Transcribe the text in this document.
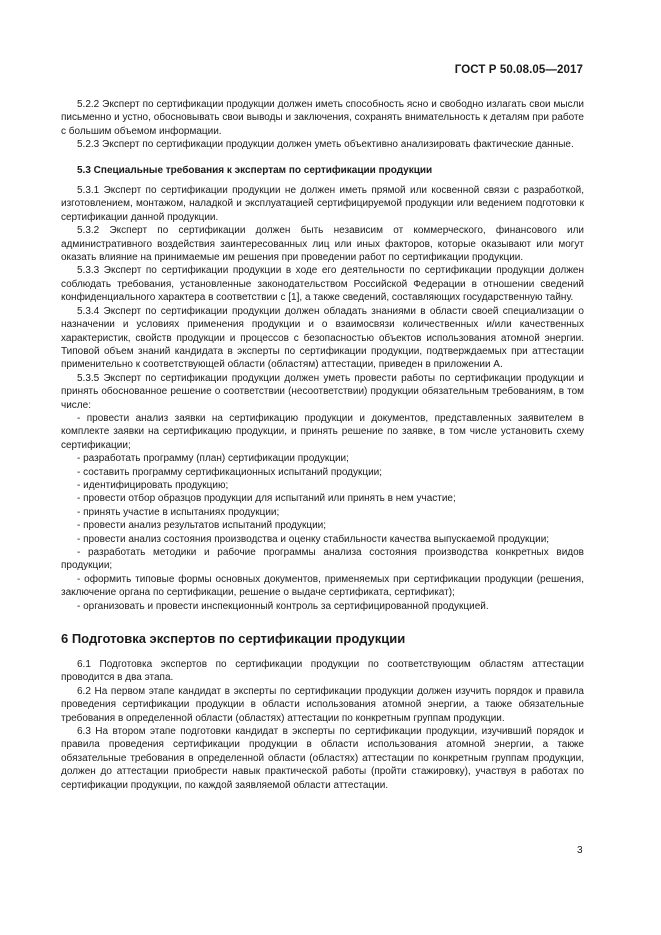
ГОСТ Р 50.08.05—2017

5.2.2 Эксперт по сертификации продукции должен иметь способность ясно и свободно излагать свои мысли письменно и устно, обосновывать свои выводы и заключения, сохранять внимательность к деталям при работе с большим объемом информации.

5.2.3 Эксперт по сертификации продукции должен уметь объективно анализировать фактические данные.

5.3 Специальные требования к экспертам по сертификации продукции

5.3.1 Эксперт по сертификации продукции не должен иметь прямой или косвенной связи с разработкой, изготовлением, монтажом, наладкой и эксплуатацией сертифицируемой продукции или ведением подготовки к сертификации данной продукции.

5.3.2 Эксперт по сертификации должен быть независим от коммерческого, финансового или административного воздействия заинтересованных лиц или иных факторов, которые оказывают или могут оказать влияние на принимаемые им решения при проведении работ по сертификации продукции.

5.3.3 Эксперт по сертификации продукции в ходе его деятельности по сертификации продукции должен соблюдать требования, установленные законодательством Российской Федерации в отношении сведений конфиденциального характера в соответствии с [1], а также сведений, составляющих государственную тайну.

5.3.4 Эксперт по сертификации продукции должен обладать знаниями в области своей специализации о назначении и условиях применения продукции и о взаимосвязи количественных и/или качественных характеристик, свойств продукции и процессов с безопасностью объектов использования атомной энергии. Типовой объем знаний кандидата в эксперты по сертификации продукции, подтверждаемых при аттестации применительно к соответствующей области (областям) аттестации, приведен в приложении А.

5.3.5 Эксперт по сертификации продукции должен уметь провести работы по сертификации продукции и принять обоснованное решение о соответствии (несоответствии) продукции обязательным требованиям, в том числе:

- провести анализ заявки на сертификацию продукции и документов, представленных заявителем в комплекте заявки на сертификацию продукции, и принять решение по заявке, в том числе установить схему сертификации;

- разработать программу (план) сертификации продукции;

- составить программу сертификационных испытаний продукции;

- идентифицировать продукцию;

- провести отбор образцов продукции для испытаний или принять в нем участие;

- принять участие в испытаниях продукции;

- провести анализ результатов испытаний продукции;

- провести анализ состояния производства и оценку стабильности качества выпускаемой продукции;

- разработать методики и рабочие программы анализа состояния производства конкретных видов продукции;

- оформить типовые формы основных документов, применяемых при сертификации продукции (решения, заключение органа по сертификации, решение о выдаче сертификата, сертификат);

- организовать и провести инспекционный контроль за сертифицированной продукцией.

6 Подготовка экспертов по сертификации продукции

6.1 Подготовка экспертов по сертификации продукции по соответствующим областям аттестации проводится в два этапа.

6.2 На первом этапе кандидат в эксперты по сертификации продукции должен изучить порядок и правила проведения сертификации продукции в области использования атомной энергии, а также обязательные требования в определенной области (областях) аттестации по конкретным группам продукции.

6.3 На втором этапе подготовки кандидат в эксперты по сертификации продукции, изучивший порядок и правила проведения сертификации продукции в области использования атомной энергии, а также обязательные требования в определенной области (областях) аттестации по конкретным группам продукции, должен до аттестации приобрести навык практической работы (пройти стажировку), участвуя в работах по сертификации продукции, по каждой заявляемой области аттестации.

3
